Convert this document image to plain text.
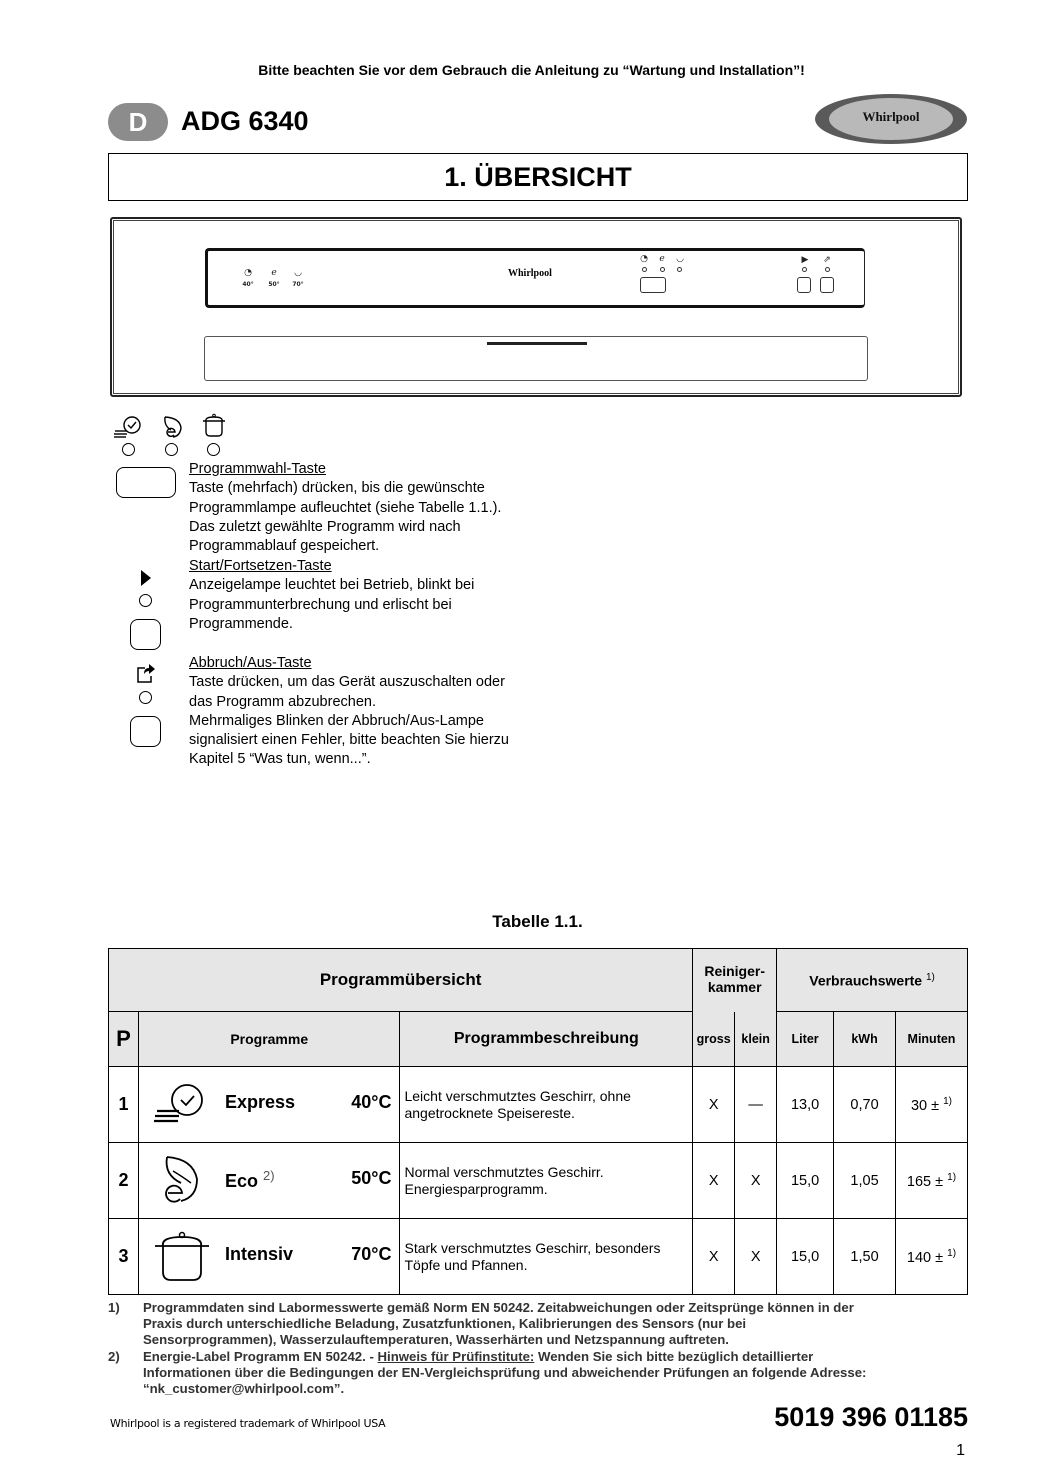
Bitte beachten Sie vor dem Gebrauch die Anleitung zu “Wartung und Installation”!
D	ADG 6340	Whirlpool
1. ÜBERSICHT
◔	ℯ	◡
40°	50°	70°
Whirlpool
◔	ℯ	◡	▶	⇗
Programmwahl-Taste
Taste (mehrfach) drücken, bis die gewünschte
Programmlampe aufleuchtet (siehe Tabelle 1.1.).
Das zuletzt gewählte Programm wird nach
Programmablauf gespeichert.
Start/Fortsetzen-Taste
Anzeigelampe leuchtet bei Betrieb, blinkt bei
Programmunterbrechung und erlischt bei
Programmende.
Abbruch/Aus-Taste
Taste drücken, um das Gerät auszuschalten oder
das Programm abzubrechen.
Mehrmaliges Blinken der Abbruch/Aus-Lampe
signalisiert einen Fehler, bitte beachten Sie hierzu
Kapitel 5 “Was tun, wenn...”.
Tabelle 1.1.
Programmübersicht			Reiniger-
kammer		Verbrauchswerte $^{1)}$
P	Programme	Programmbeschreibung	gross	klein	Liter	kWh	Minuten
1	Express	40°C	Leicht verschmutztes Geschirr, ohne
angetrocknete Speisereste.	X	—	13,0	0,70	30 ± $^{1)}$
2	Eco $^{2)}$	50°C	Normal verschmutztes Geschirr.
Energiesparprogramm.	X	X	15,0	1,05	165 ± $^{1)}$
3	Intensiv	70°C	Stark verschmutztes Geschirr, besonders
Töpfe und Pfannen.	X	X	15,0	1,50	140 ± $^{1)}$
1)	Programmdaten sind Labormesswerte gemäß Norm EN 50242. Zeitabweichungen oder Zeitsprünge können in der
Praxis durch unterschiedliche Beladung, Zusatzfunktionen, Kalibrierungen des Sensors (nur bei
Sensorprogrammen), Wasserzulauftemperaturen, Wasserhärten und Netzspannung auftreten.
2)	Energie-Label Programm EN 50242. - Hinweis für Prüfinstitute: Wenden Sie sich bitte bezüglich detaillierter
Informationen über die Bedingungen der EN-Vergleichsprüfung und abweichender Prüfungen an folgende Adresse:
“nk_customer@whirlpool.com”.
Whirlpool is a registered trademark of Whirlpool USA	5019 396 01185
1
